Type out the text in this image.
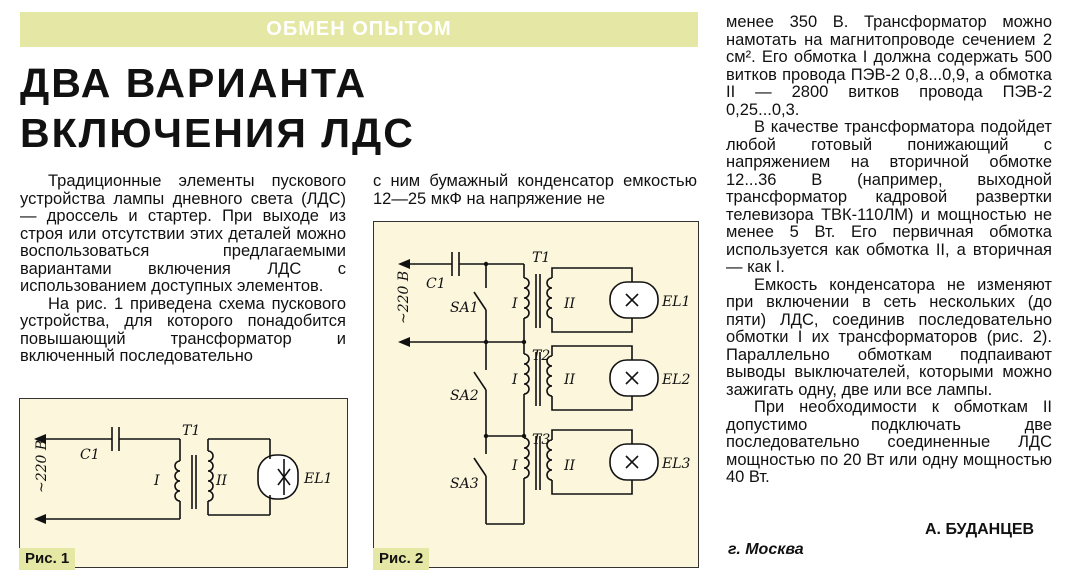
ОБМЕН ОПЫТОМ
ДВА ВАРИАНТА
ВКЛЮЧЕНИЯ ЛДС

Традиционные элементы пускового устройства лампы дневного света (ЛДС) — дроссель и стартер. При выходе из строя или отсутствии этих деталей можно воспользоваться предлагаемыми вариантами включения ЛДС с использованием доступных элементов.

На рис. 1 приведена схема пускового устройства, для которого понадобится повышающий трансформатор и включенный последовательно

с ним бумажный конденсатор емкостью 12—25 мкФ на напряжение не

менее 350 В. Трансформатор можно намотать на магнитопроводе сечением 2 см². Его обмотка I должна содержать 500 витков провода ПЭВ-2 0,8...0,9, а обмотка II — 2800 витков провода ПЭВ-2 0,25...0,3.

В качестве трансформатора подойдет любой готовый понижающий с напряжением на вторичной обмотке 12...36 В (например, выходной трансформатор кадровой развертки телевизора ТВК-110ЛМ) и мощностью не менее 5 Вт. Его первичная обмотка используется как обмотка II, а вторичная — как I.

Емкость конденсатора не изменяют при включении в сеть нескольких (до пяти) ЛДС, соединив последовательно обмотки I их трансформаторов (рис. 2). Параллельно обмоткам подпаивают выводы выключателей, которыми можно зажигать одну, две или все лампы.

При необходимости к обмоткам II допустимо подключать две последовательно соединенные ЛДС мощностью по 20 Вт или одну мощностью 40 Вт.

А. БУДАНЦЕВ
г. Москва
~220 В C1
T1
I	II	EL1
Рис. 1
~220 В C1
T1
T2
T3
SA1
SA2
SA3
I
I
I
II
II
II
EL1
EL2
EL3
Рис. 2
